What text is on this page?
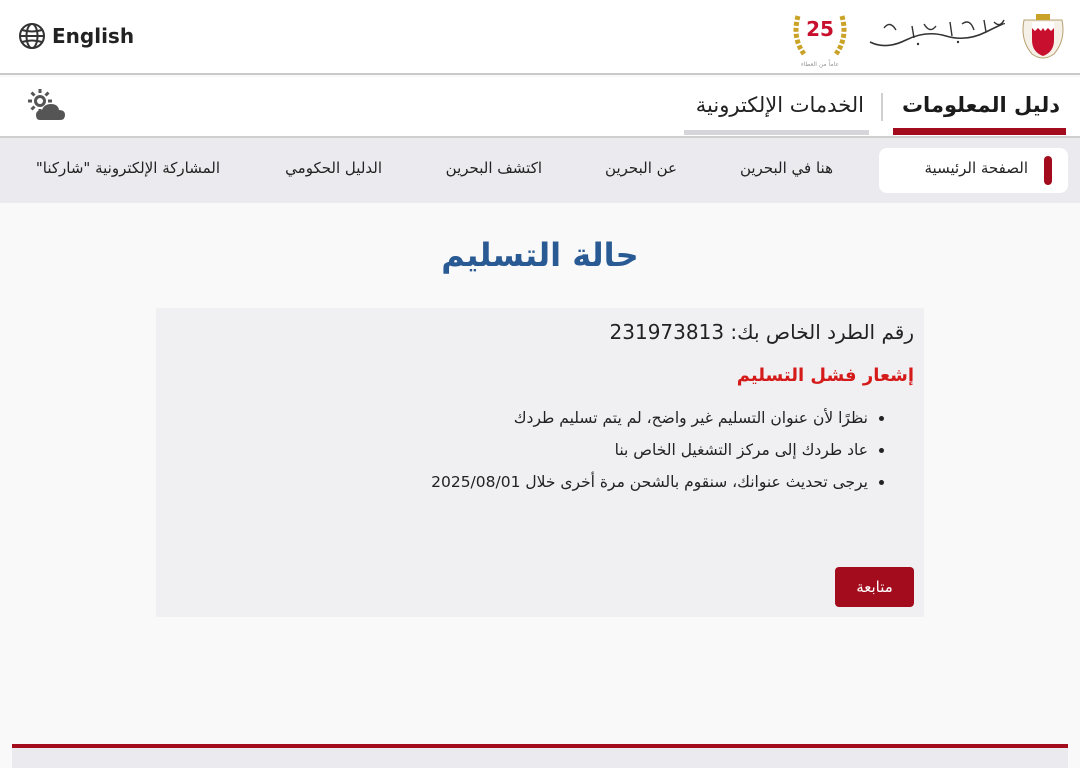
English	25
عاماً من العطاء
الخدمات الإلكترونية دليل المعلومات
الصفحة الرئيسية
هنا في البحرين
عن البحرين
اكتشف البحرين
الدليل الحكومي
المشاركة الإلكترونية "شاركنا"
حالة التسليم
رقم الطرد الخاص بك: 231973813
إشعار فشل التسليم
• نظرًا لأن عنوان التسليم غير واضح، لم يتم تسليم طردك
• عاد طردك إلى مركز التشغيل الخاص بنا
• يرجى تحديث عنوانك، سنقوم بالشحن مرة أخرى خلال 2025/08/01
متابعة
